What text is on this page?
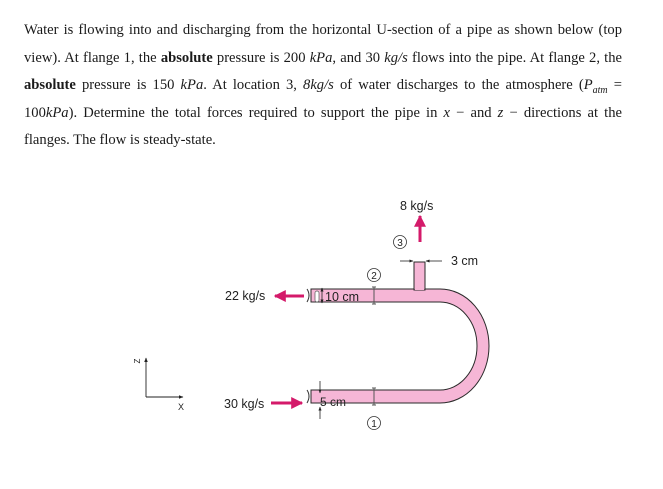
Water is flowing into and discharging from the horizontal U-section of a pipe as shown below (top view). At flange 1, the absolute pressure is 200 kPa, and 30 kg/s flows into the pipe. At flange 2, the absolute pressure is 150 kPa. At location 3, 8kg/s of water discharges to the atmosphere $(P_{atm} = 100kPa)$. Determine the total forces required to support the pipe in x − and z − directions at the flanges. The flow is steady-state.

8 kg/s
22 kg/s
30 kg/s
10 cm
5 cm
3 cm
3
2
1
Z
X
